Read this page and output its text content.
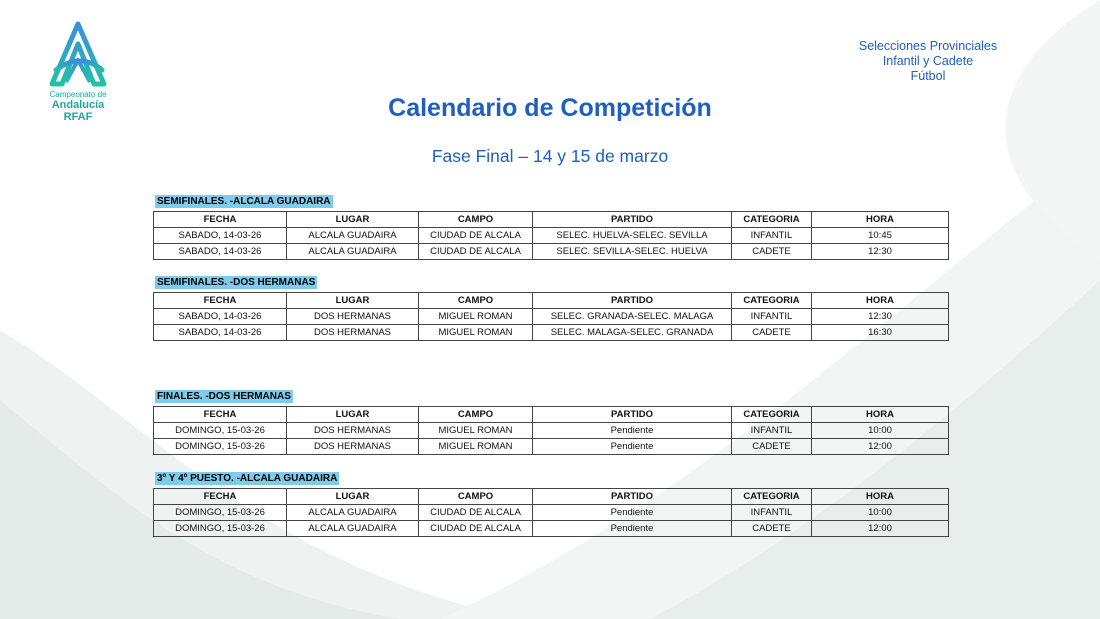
Campeonato de
Andalucía
RFAF
Selecciones Provinciales
Infantil y Cadete
Fútbol
Calendario de Competición
Fase Final – 14 y 15 de marzo
SEMIFINALES. -ALCALA GUADAIRA
FECHA	LUGAR	CAMPO	PARTIDO	CATEGORIA	HORA
SABADO, 14-03-26	ALCALA GUADAIRA	CIUDAD DE ALCALA	SELEC. HUELVA-SELEC. SEVILLA	INFANTIL	10:45
SABADO, 14-03-26	ALCALA GUADAIRA	CIUDAD DE ALCALA	SELEC. SEVILLA-SELEC. HUELVA	CADETE	12:30
SEMIFINALES. -DOS HERMANAS
FECHA	LUGAR	CAMPO	PARTIDO	CATEGORIA	HORA
SABADO, 14-03-26	DOS HERMANAS	MIGUEL ROMAN	SELEC. GRANADA-SELEC. MALAGA	INFANTIL	12:30
SABADO, 14-03-26	DOS HERMANAS	MIGUEL ROMAN	SELEC. MALAGA-SELEC. GRANADA	CADETE	16:30
FINALES. -DOS HERMANAS
FECHA	LUGAR	CAMPO	PARTIDO	CATEGORIA	HORA
DOMINGO, 15-03-26	DOS HERMANAS	MIGUEL ROMAN	Pendiente	INFANTIL	10:00
DOMINGO, 15-03-26	DOS HERMANAS	MIGUEL ROMAN	Pendiente	CADETE	12:00
3º Y 4º PUESTO. -ALCALA GUADAIRA
FECHA	LUGAR	CAMPO	PARTIDO	CATEGORIA	HORA
DOMINGO, 15-03-26	ALCALA GUADAIRA	CIUDAD DE ALCALA	Pendiente	INFANTIL	10:00
DOMINGO, 15-03-26	ALCALA GUADAIRA	CIUDAD DE ALCALA	Pendiente	CADETE	12:00
